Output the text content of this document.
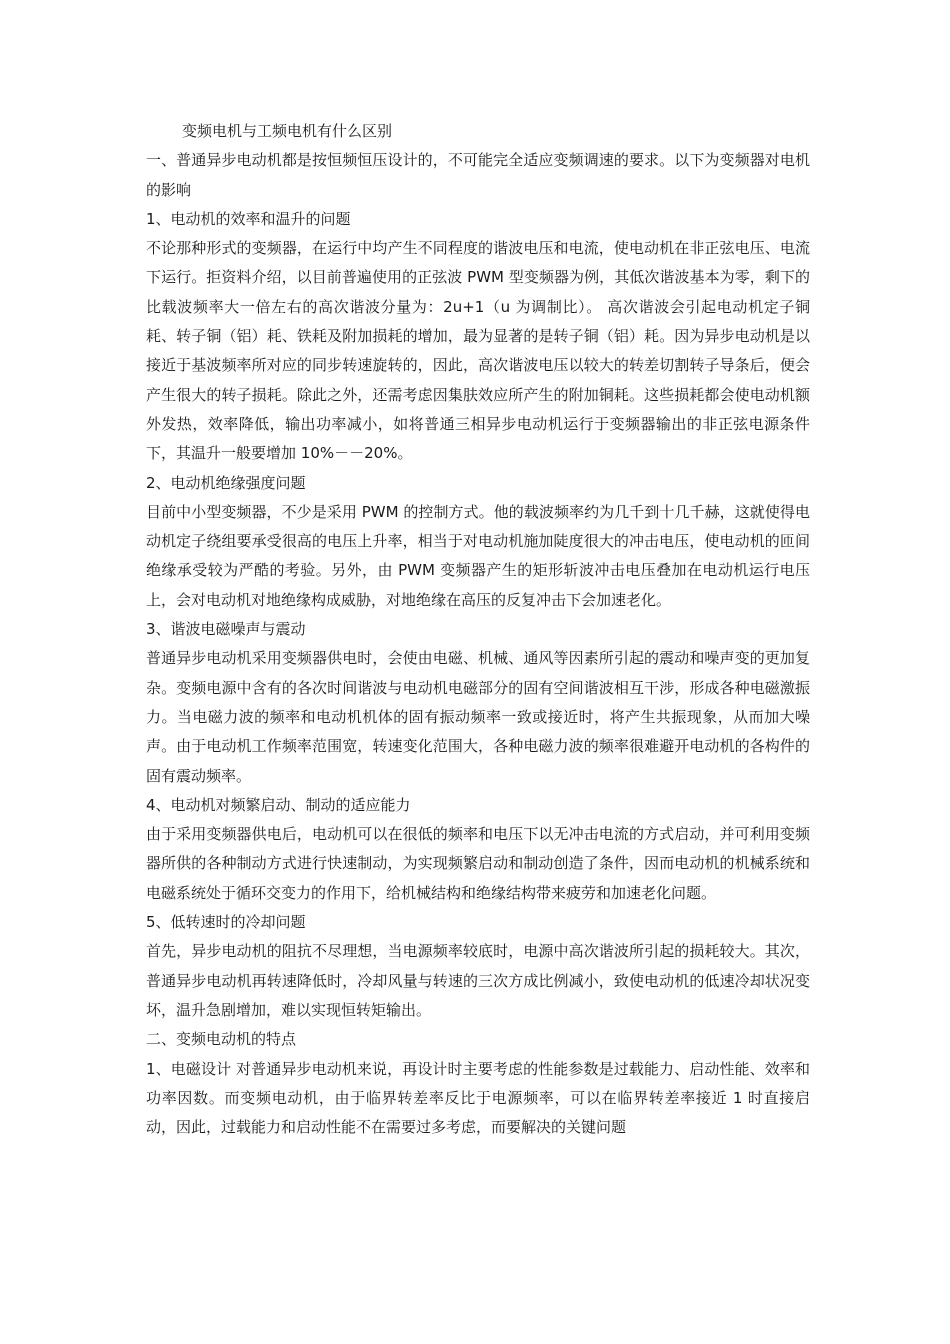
变频电机与工频电机有什么区别

一、普通异步电动机都是按恒频恒压设计的，不可能完全适应变频调速的要求。以下为变频器对电机的影响

1、电动机的效率和温升的问题

不论那种形式的变频器，在运行中均产生不同程度的谐波电压和电流，使电动机在非正弦电压、电流下运行。拒资料介绍，以目前普遍使用的正弦波 PWM 型变频器为例，其低次谐波基本为零，剩下的比载波频率大一倍左右的高次谐波分量为：2u+1（u 为调制比）。 高次谐波会引起电动机定子铜耗、转子铜（铝）耗、铁耗及附加损耗的增加，最为显著的是转子铜（铝）耗。因为异步电动机是以接近于基波频率所对应的同步转速旋转的，因此，高次谐波电压以较大的转差切割转子导条后，便会产生很大的转子损耗。除此之外，还需考虑因集肤效应所产生的附加铜耗。这些损耗都会使电动机额外发热，效率降低，输出功率减小，如将普通三相异步电动机运行于变频器输出的非正弦电源条件下，其温升一般要增加 10%－－20%。

2、电动机绝缘强度问题

目前中小型变频器，不少是采用 PWM 的控制方式。他的载波频率约为几千到十几千赫，这就使得电动机定子绕组要承受很高的电压上升率，相当于对电动机施加陡度很大的冲击电压，使电动机的匝间绝缘承受较为严酷的考验。另外，由 PWM 变频器产生的矩形斩波冲击电压叠加在电动机运行电压上，会对电动机对地绝缘构成威胁，对地绝缘在高压的反复冲击下会加速老化。

3、谐波电磁噪声与震动

普通异步电动机采用变频器供电时，会使由电磁、机械、通风等因素所引起的震动和噪声变的更加复杂。变频电源中含有的各次时间谐波与电动机电磁部分的固有空间谐波相互干涉，形成各种电磁激振力。当电磁力波的频率和电动机机体的固有振动频率一致或接近时，将产生共振现象，从而加大噪声。由于电动机工作频率范围宽，转速变化范围大，各种电磁力波的频率很难避开电动机的各构件的固有震动频率。

4、电动机对频繁启动、制动的适应能力

由于采用变频器供电后，电动机可以在很低的频率和电压下以无冲击电流的方式启动，并可利用变频器所供的各种制动方式进行快速制动，为实现频繁启动和制动创造了条件，因而电动机的机械系统和电磁系统处于循环交变力的作用下，给机械结构和绝缘结构带来疲劳和加速老化问题。

5、低转速时的冷却问题

首先，异步电动机的阻抗不尽理想，当电源频率较底时，电源中高次谐波所引起的损耗较大。其次，普通异步电动机再转速降低时，冷却风量与转速的三次方成比例减小，致使电动机的低速冷却状况变坏，温升急剧增加，难以实现恒转矩输出。

二、变频电动机的特点

1、电磁设计 对普通异步电动机来说，再设计时主要考虑的性能参数是过载能力、启动性能、效率和功率因数。而变频电动机，由于临界转差率反比于电源频率，可以在临界转差率接近 1 时直接启动，因此，过载能力和启动性能不在需要过多考虑，而要解决的关键问题
